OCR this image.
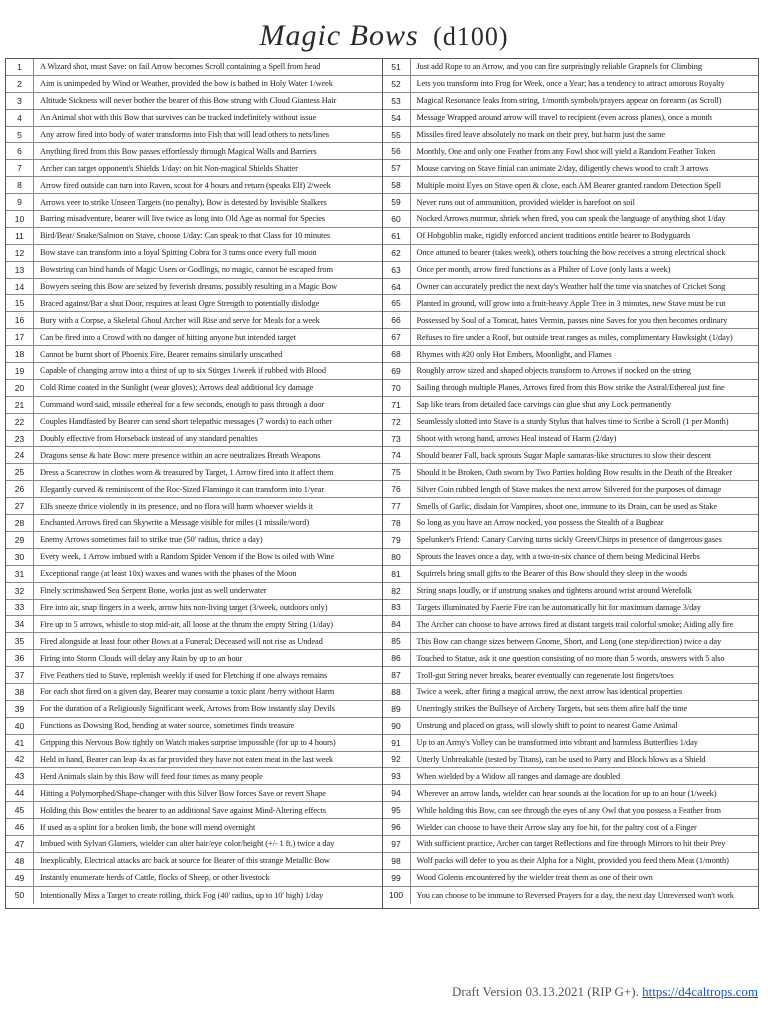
Magic Bows (d100)
1	A Wizard shot, must Save: on fail Arrow becomes Scroll containing a Spell from head
2	Aim is unimpeded by Wind or Weather, provided the bow is bathed in Holy Water 1/week
3	Altitude Sickness will never bother the bearer of this Bow strung with Cloud Giantess Hair
4	An Animal shot with this Bow that survives can be tracked indefinitely without issue
5	Any arrow fired into body of water transforms into Fish that will lead others to nets/lines
6	Anything fired from this Bow passes effortlessly through Magical Walls and Barriers
7	Archer can target opponent's Shields 1/day: on hit Non-magical Shields Shatter
8	Arrow fired outside can turn into Raven, scout for 4 hours and return (speaks Elf) 2/week
9	Arrows veer to strike Unseen Targets (no penalty), Bow is detested by Invisible Stalkers
10	Barring misadventure, bearer will live twice as long into Old Age as normal for Species
11	Bird/Bear/ Snake/Salmon on Stave, choose 1/day: Can speak to that Class for 10 minutes
12	Bow stave can transform into a loyal Spitting Cobra for 3 turns once every full moon
13	Bowstring can bind hands of Magic Users or Godlings, no magic, cannot be escaped from
14	Bowyers seeing this Bow are seized by feverish dreams, possibly resulting in a Magic Bow
15	Braced against/Bar a shut Door, requires at least Ogre Strength to potentially dislodge
16	Bury with a Corpse, a Skeletal Ghoul Archer will Rise and serve for Meals for a week
17	Can be fired into a Crowd with no danger of hitting anyone but intended target
18	Cannot be burnt short of Phoenix Fire, Bearer remains similarly unscathed
19	Capable of changing arrow into a thirst of up to six Stirges 1/week if rubbed with Blood
20	Cold Rime coated in the Sunlight (wear gloves); Arrows deal additional Icy damage
21	Command word said, missile ethereal for a few seconds, enough to pass through a door
22	Couples Handfasted by Bearer can send short telepathic messages (7 words) to each other
23	Doubly effective from Horseback instead of any standard penalties
24	Dragons sense & hate Bow: mere presence within an acre neutralizes Breath Weapons
25	Dress a Scarecrow in clothes worn & treasured by Target, 1 Arrow fired into it affect them
26	Elegantly curved & reminiscent of the Roc-Sized Flamingo it can transform into 1/year
27	Elfs sneeze thrice violently in its presence, and no flora will harm whoever wields it
28	Enchanted Arrows fired can Skywrite a Message visible for miles (1 missile/word)
29	Enemy Arrows sometimes fail to strike true (50' radius, thrice a day)
30	Every week, 1 Arrow imbued with a Random Spider Venom if the Bow is oiled with Wine
31	Exceptional range (at least 10x) waxes and wanes with the phases of the Moon
32	Finely scrimshawed Sea Serpent Bone, works just as well underwater
33	Fire into air, snap fingers in a week, arrow hits non-living target (3/week, outdoors only)
34	Fire up to 5 arrows, whistle to stop mid-air, all loose at the thrum the empty String (1/day)
35	Fired alongside at least four other Bows at a Funeral; Deceased will not rise as Undead
36	Firing into Storm Clouds will delay any Rain by up to an hour
37	Five Feathers tied to Stave, replenish weekly if used for Fletching if one always remains
38	For each shot fired on a given day, Bearer may consume a toxic plant /berry without Harm
39	For the duration of a Religiously Significant week, Arrows from Bow instantly slay Devils
40	Functions as Dowsing Rod, bending at water source, sometimes finds treasure
41	Gripping this Nervous Bow tightly on Watch makes surprise impossible (for up to 4 hours)
42	Held in hand, Bearer can leap 4x as far provided they have not eaten meat in the last week
43	Herd Animals slain by this Bow will feed four times as many people
44	Hitting a Polymorphed/Shape-changer with this Silver Bow forces Save or revert Shape
45	Holding this Bow entitles the bearer to an additional Save against Mind-Altering effects
46	If used as a splint for a broken limb, the bone will mend overnight
47	Imbued with Sylvan Glamers, wielder can alter hair/eye color/height (+/- 1 ft.) twice a day
48	Inexplicably, Electrical attacks arc back at source for Bearer of this strange Metallic Bow
49	Instantly enumerate herds of Cattle, flocks of Sheep, or other livestock
50	Intentionally Miss a Target to create roiling, thick Fog (40' radius, up to 10' high) 1/day
51	Just add Rope to an Arrow, and you can fire surprisingly reliable Grapnels for Climbing
52	Lets you transform into Frog for Week, once a Year; has a tendency to attract amorous Royalty
53	Magical Resonance leaks from string, 1/month symbols/prayers appear on forearm (as Scroll)
54	Message Wrapped around arrow will travel to recipient (even across planes), once a month
55	Missiles fired leave absolutely no mark on their prey, but harm just the same
56	Monthly, One and only one Feather from any Fowl shot will yield a Random Feather Token
57	Mouse carving on Stave finial can animate 2/day, diligently chews wood to craft 3 arrows
58	Multiple moist Eyes on Stave open & close, each AM Bearer granted random Detection Spell
59	Never runs out of ammunition, provided wielder is barefoot on soil
60	Nocked Arrows murmur, shriek when fired, you can speak the language of anything shot 1/day
61	Of Hobgoblin make, rigidly enforced ancient traditions entitle bearer to Bodyguards
62	Once attuned to bearer (takes week), others touching the bow receives a strong electrical shock
63	Once per month, arrow fired functions as a Philter of Love (only lasts a week)
64	Owner can accurately predict the next day's Weather half the time via snatches of Cricket Song
65	Planted in ground, will grow into a fruit-heavy Apple Tree in 3 minutes, new Stave must be cut
66	Possessed by Soul of a Tomcat, hates Vermin, passes nine Saves for you then becomes ordinary
67	Refuses to fire under a Roof, but outside treat ranges as miles, complimentary Hawksight (1/day)
68	Rhymes with #20 only Hot Embers, Moonlight, and Flames
69	Roughly arrow sized and shaped objects transform to Arrows if nocked on the string
70	Sailing through multiple Planes, Arrows fired from this Bow strike the Astral/Ethereal just fine
71	Sap like tears from detailed face carvings can glue shut any Lock permanently
72	Seamlessly slotted into Stave is a sturdy Stylus that halves time to Scribe a Scroll (1 per Month)
73	Shoot with wrong hand, arrows Heal instead of Harm (2/day)
74	Should bearer Fall, back sprouts Sugar Maple samaras-like structures to slow their descent
75	Should it be Broken, Oath sworn by Two Parties holding Bow results in the Death of the Breaker
76	Silver Coin rubbed length of Stave makes the next arrow Silvered for the purposes of damage
77	Smells of Garlic, disdain for Vampires, shoot one, immune to its Drain, can be used as Stake
78	So long as you have an Arrow nocked, you possess the Stealth of a Bugbear
79	Spelunker's Friend: Canary Carving turns sickly Green/Chirps in presence of dangerous gases
80	Sprouts the leaves once a day, with a two-in-six chance of them being Medicinal Herbs
81	Squirrels bring small gifts to the Bearer of this Bow should they sleep in the woods
82	String snaps loudly, or if unstrung snakes and tightens around wrist around Werefolk
83	Targets illuminated by Faerie Fire can be automatically hit for maximum damage 3/day
84	The Archer can choose to have arrows fired at distant targets trail colorful smoke; Aiding ally fire
85	This Bow can change sizes between Gnome, Short, and Long (one step/direction) twice a day
86	Touched to Statue, ask it one question consisting of no more than 5 words, answers with 5 also
87	Troll-gut String never breaks, bearer eventually can regenerate lost fingers/toes
88	Twice a week, after firing a magical arrow, the next arrow has identical properties
89	Unerringly strikes the Bullseye of Archery Targets, but sets them afire half the time
90	Unstrung and placed on grass, will slowly shift to point to nearest Game Animal
91	Up to an Army's Volley can be transformed into vibrant and harmless Butterflies 1/day
92	Utterly Unbreakable (tested by Titans), can be used to Parry and Block blows as a Shield
93	When wielded by a Widow all ranges and damage are doubled
94	Wherever an arrow lands, wielder can hear sounds at the location for up to an hour (1/week)
95	While holding this Bow, can see through the eyes of any Owl that you possess a Feather from
96	Wielder can choose to have their Arrow slay any foe hit, for the paltry cost of a Finger
97	With sufficient practice, Archer can target Reflections and fire through Mirrors to hit their Prey
98	Wolf packs will defer to you as their Alpha for a Night, provided you feed them Meat (1/month)
99	Wood Golems encountered by the wielder treat them as one of their own
100	You can choose to be immune to Reversed Prayers for a day, the next day Unreversed won't work
Draft Version 03.13.2021 (RIP G+). https://d4caltrops.com
